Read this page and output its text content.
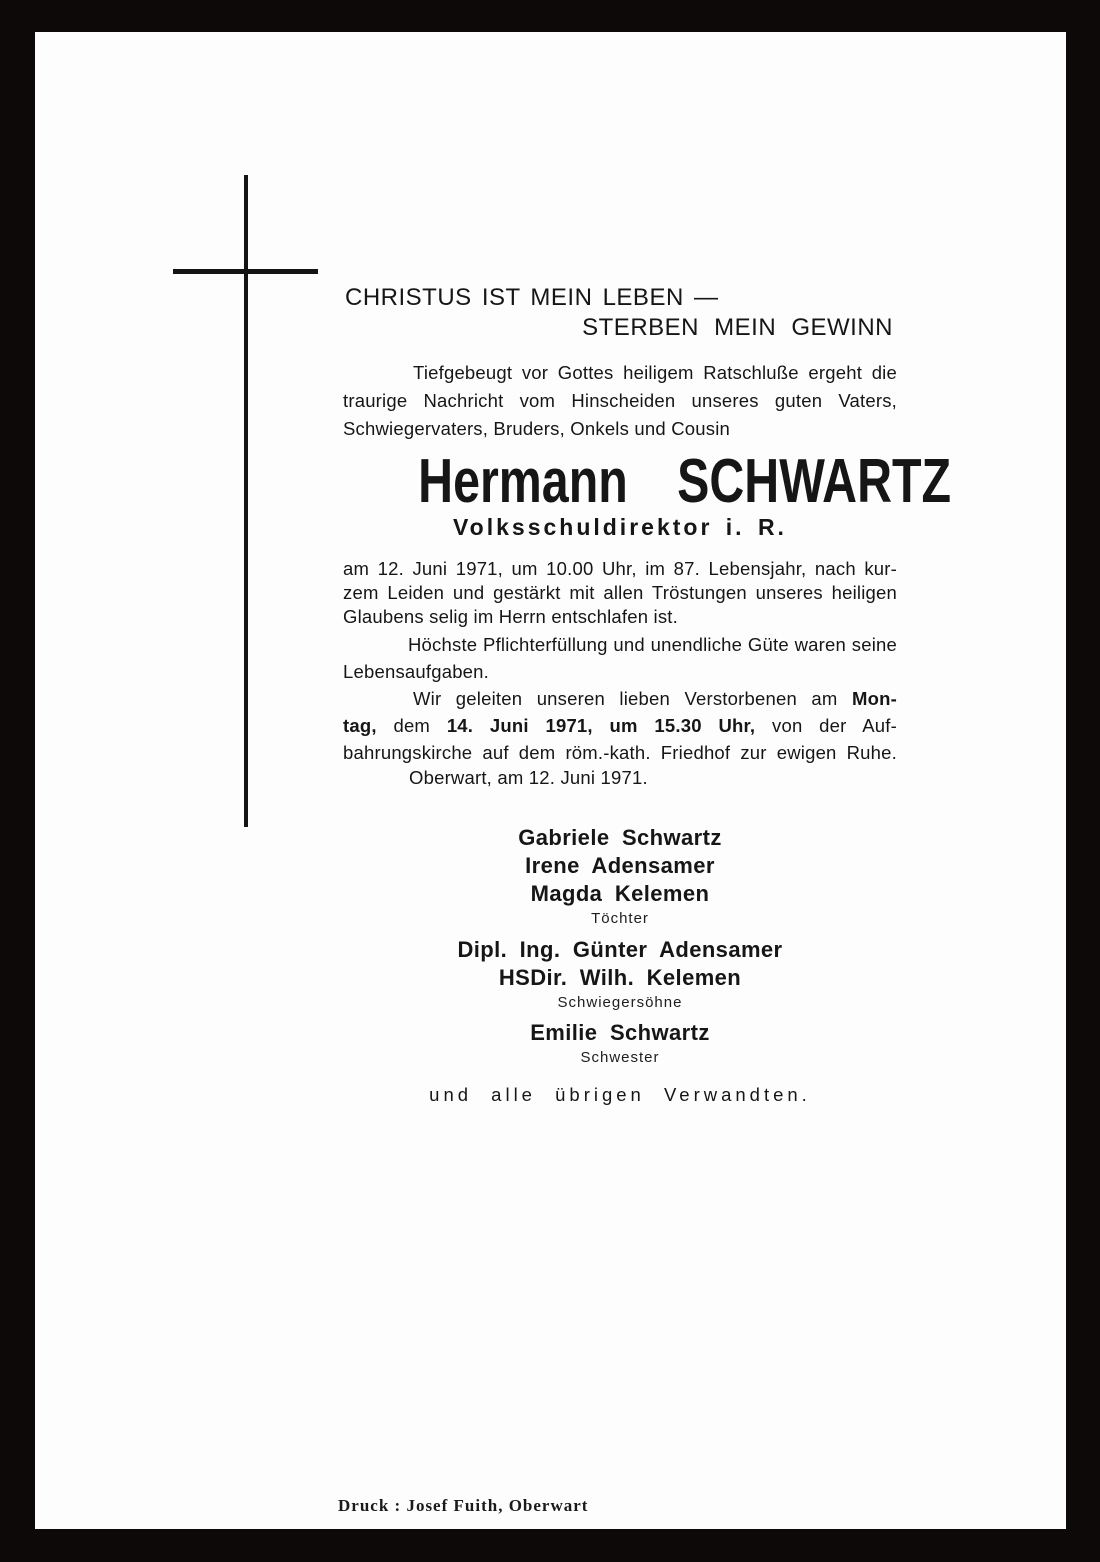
CHRISTUS IST MEIN LEBEN —
STERBEN MEIN GEWINN
Tiefgebeugt vor Gottes heiligem Ratschluße ergeht die
traurige Nachricht vom Hinscheiden unseres guten Vaters,
Schwiegervaters, Bruders, Onkels und Cousin
Hermann SCHWARTZ
Volksschuldirektor i. R.
am 12. Juni 1971, um 10.00 Uhr, im 87. Lebensjahr, nach kur-
zem Leiden und gestärkt mit allen Tröstungen unseres heiligen
Glaubens selig im Herrn entschlafen ist.
Höchste Pflichterfüllung und unendliche Güte waren seine
Lebensaufgaben.
Wir geleiten unseren lieben Verstorbenen am Mon-
tag, dem 14. Juni 1971, um 15.30 Uhr, von der Auf-
bahrungskirche auf dem röm.-kath. Friedhof zur ewigen Ruhe.
Oberwart, am 12. Juni 1971.
Gabriele Schwartz
Irene Adensamer
Magda Kelemen
Töchter
Dipl. Ing. Günter Adensamer
HSDir. Wilh. Kelemen
Schwiegersöhne
Emilie Schwartz
Schwester
und alle übrigen Verwandten.
Druck : Josef Fuith, Oberwart
